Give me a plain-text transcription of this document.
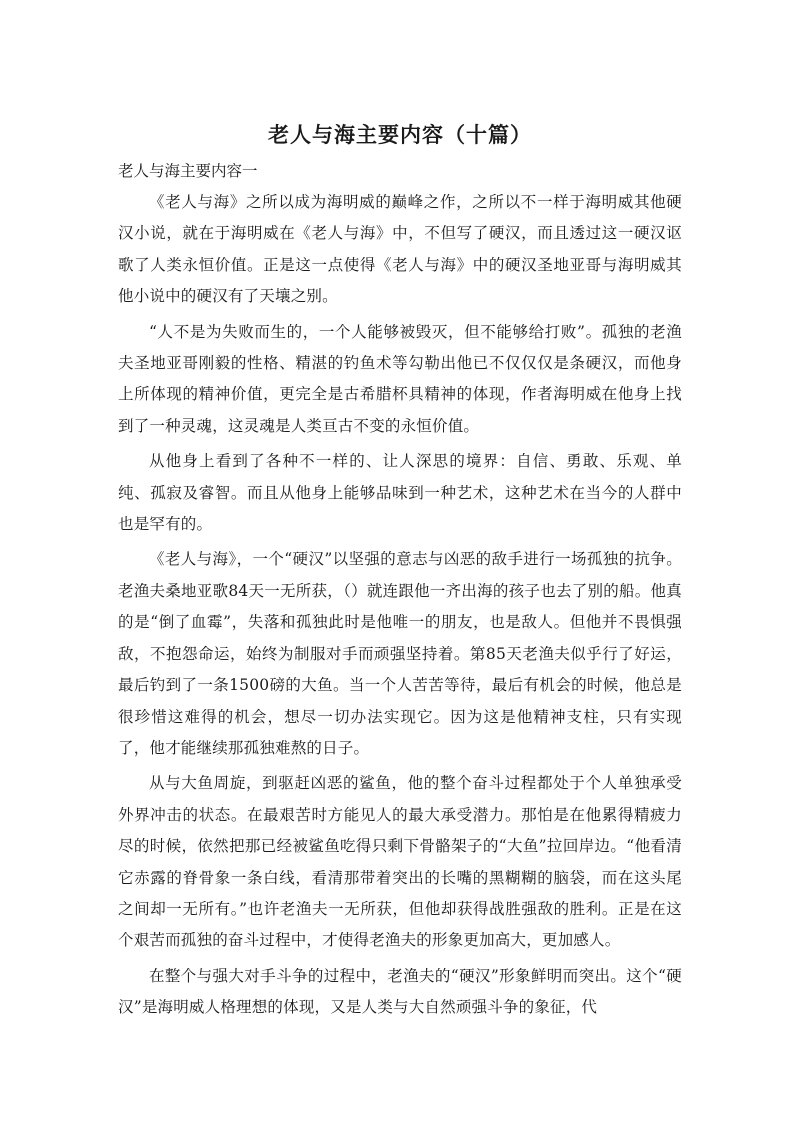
老人与海主要内容（十篇）

老人与海主要内容一

《老人与海》之所以成为海明威的巅峰之作，之所以不一样于海明威其他硬汉小说，就在于海明威在《老人与海》中，不但写了硬汉，而且透过这一硬汉讴歌了人类永恒价值。正是这一点使得《老人与海》中的硬汉圣地亚哥与海明威其他小说中的硬汉有了天壤之别。

“人不是为失败而生的，一个人能够被毁灭，但不能够给打败”。孤独的老渔夫圣地亚哥刚毅的性格、精湛的钓鱼术等勾勒出他已不仅仅仅是条硬汉，而他身上所体现的精神价值，更完全是古希腊杯具精神的体现，作者海明威在他身上找到了一种灵魂，这灵魂是人类亘古不变的永恒价值。

从他身上看到了各种不一样的、让人深思的境界：自信、勇敢、乐观、单纯、孤寂及睿智。而且从他身上能够品味到一种艺术，这种艺术在当今的人群中也是罕有的。

《老人与海》，一个“硬汉”以坚强的意志与凶恶的敌手进行一场孤独的抗争。老渔夫桑地亚歌84天一无所获，（）就连跟他一齐出海的孩子也去了别的船。他真的是“倒了血霉”，失落和孤独此时是他唯一的朋友，也是敌人。但他并不畏惧强敌，不抱怨命运，始终为制服对手而顽强坚持着。第85天老渔夫似乎行了好运，最后钓到了一条1500磅的大鱼。当一个人苦苦等待，最后有机会的时候，他总是很珍惜这难得的机会，想尽一切办法实现它。因为这是他精神支柱，只有实现了，他才能继续那孤独难熬的日子。

从与大鱼周旋，到驱赶凶恶的鲨鱼，他的整个奋斗过程都处于个人单独承受外界冲击的状态。在最艰苦时方能见人的最大承受潜力。那怕是在他累得精疲力尽的时候，依然把那已经被鲨鱼吃得只剩下骨骼架子的“大鱼”拉回岸边。“他看清它赤露的脊骨象一条白线，看清那带着突出的长嘴的黑糊糊的脑袋，而在这头尾之间却一无所有。”也许老渔夫一无所获，但他却获得战胜强敌的胜利。正是在这个艰苦而孤独的奋斗过程中，才使得老渔夫的形象更加高大，更加感人。

在整个与强大对手斗争的过程中，老渔夫的“硬汉”形象鲜明而突出。这个“硬汉”是海明威人格理想的体现，又是人类与大自然顽强斗争的象征，代
